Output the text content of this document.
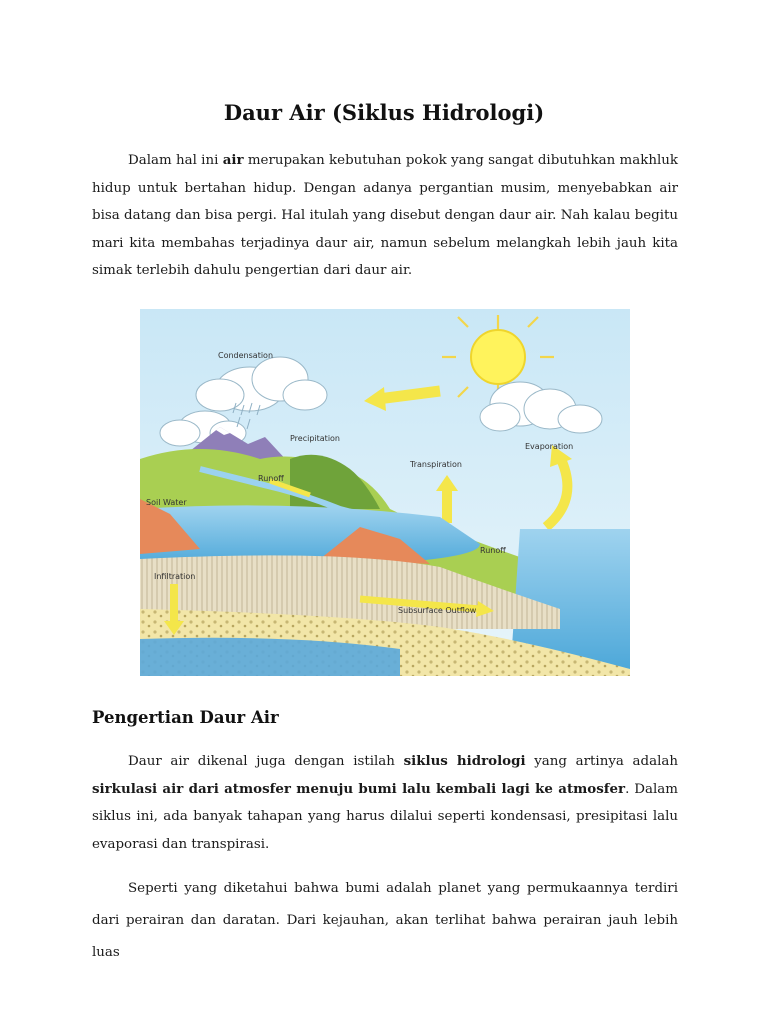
Daur Air (Siklus Hidrologi)

Dalam hal ini air merupakan kebutuhan pokok yang sangat dibutuhkan makhluk hidup untuk bertahan hidup. Dengan adanya pergantian musim, menyebabkan air bisa datang dan bisa pergi. Hal itulah yang disebut dengan daur air. Nah kalau begitu mari kita membahas terjadinya daur air, namun sebelum melangkah lebih jauh kita simak terlebih dahulu pengertian dari daur air.

Condensation
Precipitation
Transpiration
Evaporation
Runoff
Runoff
Soil Water
Infiltration
Subsurface Outflow
Pengertian Daur Air

Daur air dikenal juga dengan istilah siklus hidrologi yang artinya adalah sirkulasi air dari atmosfer menuju bumi lalu kembali lagi ke atmosfer. Dalam siklus ini, ada banyak tahapan yang harus dilalui seperti kondensasi, presipitasi lalu evaporasi dan transpirasi.

Seperti yang diketahui bahwa bumi adalah planet yang permukaannya terdiri dari perairan dan daratan. Dari kejauhan, akan terlihat bahwa perairan jauh lebih luas
